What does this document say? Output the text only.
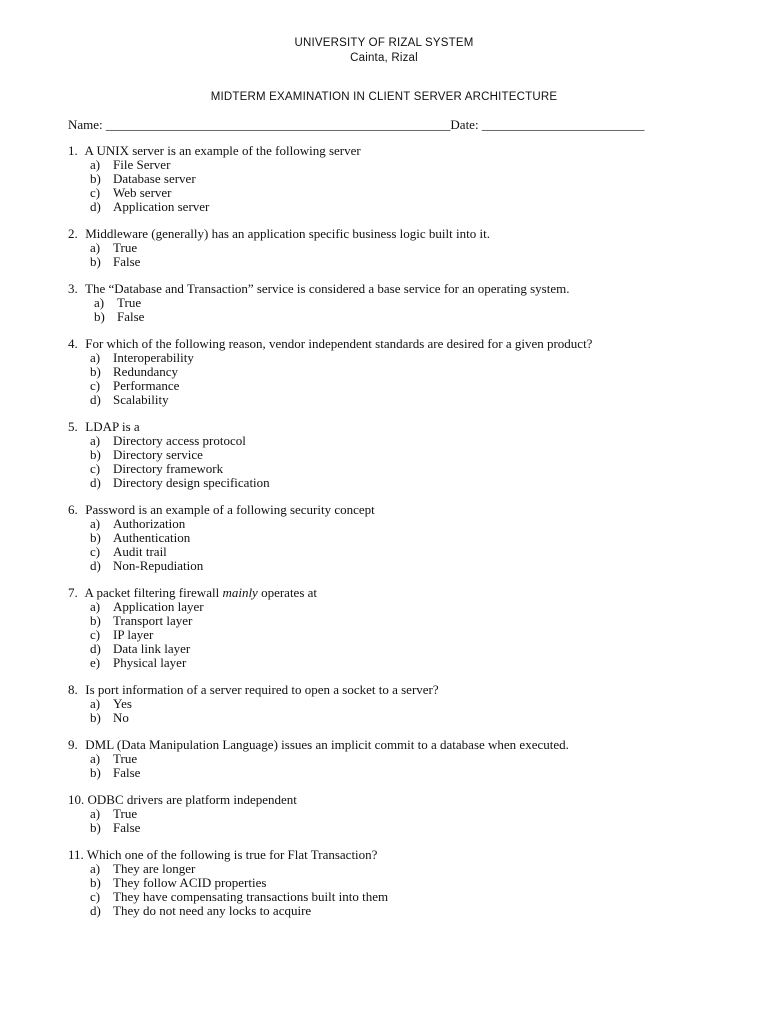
UNIVERSITY OF RIZAL SYSTEM
Cainta, Rizal
MIDTERM EXAMINATION IN CLIENT SERVER ARCHITECTURE
Name: _____________________________________________________Date: _________________________
1. A UNIX server is an example of the following server
a) File Server
b) Database server
c) Web server
d) Application server
2. Middleware (generally) has an application specific business logic built into it.
a) True
b) False
3. The “Database and Transaction” service is considered a base service for an operating system.
a) True
b) False
4. For which of the following reason, vendor independent standards are desired for a given product?
a) Interoperability
b) Redundancy
c) Performance
d) Scalability
5. LDAP is a
a) Directory access protocol
b) Directory service
c) Directory framework
d) Directory design specification
6. Password is an example of a following security concept
a) Authorization
b) Authentication
c) Audit trail
d) Non-Repudiation
7. A packet filtering firewall mainly operates at
a) Application layer
b) Transport layer
c) IP layer
d) Data link layer
e) Physical layer
8. Is port information of a server required to open a socket to a server?
a) Yes
b) No
9. DML (Data Manipulation Language) issues an implicit commit to a database when executed.
a) True
b) False
10. ODBC drivers are platform independent
a) True
b) False
11. Which one of the following is true for Flat Transaction?
a) They are longer
b) They follow ACID properties
c) They have compensating transactions built into them
d) They do not need any locks to acquire
